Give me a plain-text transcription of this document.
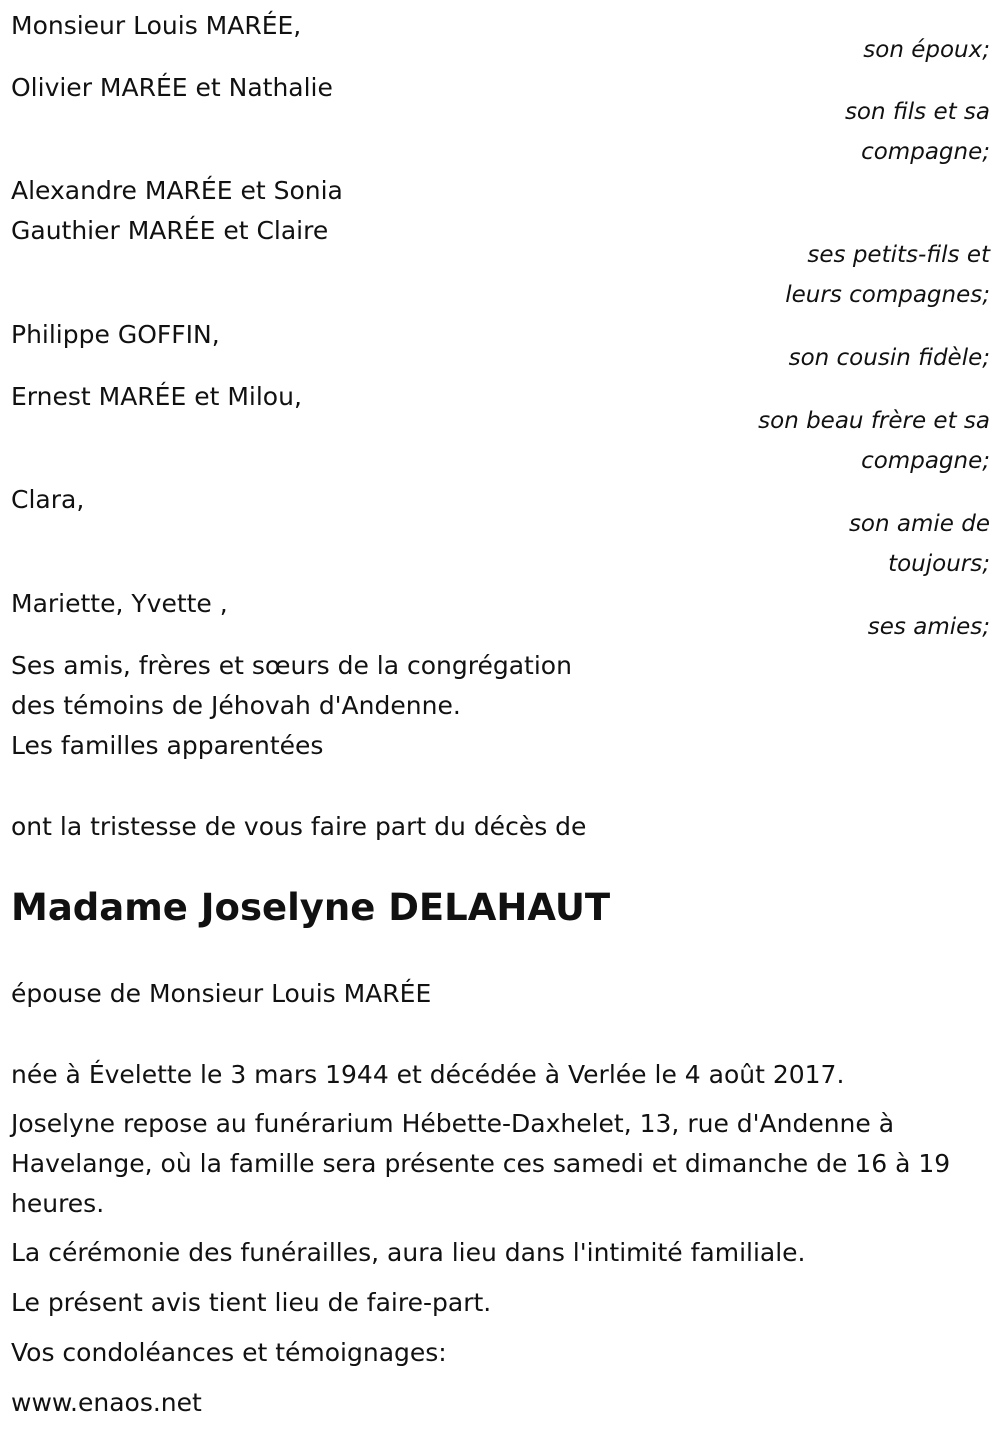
Monsieur Louis MARÉE,
son époux;
Olivier MARÉE et Nathalie
son fils et sa
compagne;
Alexandre MARÉE et Sonia
Gauthier MARÉE et Claire
ses petits-fils et
leurs compagnes;
Philippe GOFFIN,
son cousin fidèle;
Ernest MARÉE et Milou,
son beau frère et sa
compagne;
Clara,
son amie de
toujours;
Mariette, Yvette ,
ses amies;
Ses amis, frères et sœurs de la congrégation
des témoins de Jéhovah d'Andenne.
Les familles apparentées
ont la tristesse de vous faire part du décès de
Madame Joselyne DELAHAUT
épouse de Monsieur Louis MARÉE
née à Évelette le 3 mars 1944 et décédée à Verlée le 4 août 2017.
Joselyne repose au funérarium Hébette-Daxhelet, 13, rue d'Andenne à Havelange, où la famille sera présente ces samedi et dimanche de 16 à 19 heures.
La cérémonie des funérailles, aura lieu dans l'intimité familiale.
Le présent avis tient lieu de faire-part.
Vos condoléances et témoignages:
www.enaos.net
